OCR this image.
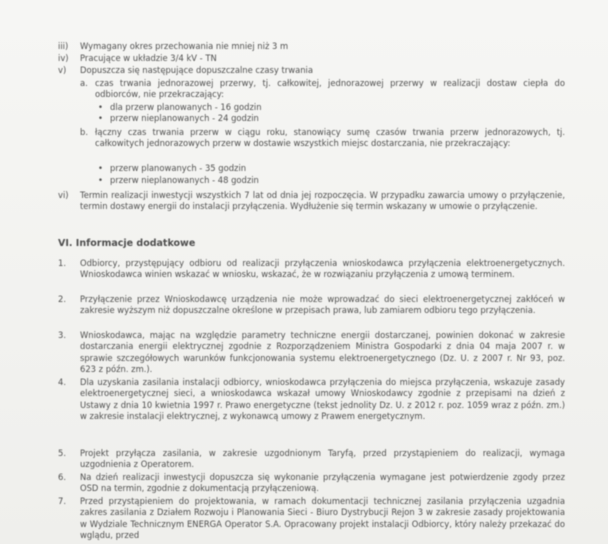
iii) Wymagany okres przechowania nie mniej niż 3 m
iv) Pracujące w układzie 3/4 kV - TN
v) Dopuszcza się następujące dopuszczalne czasy trwania
a. czas trwania jednorazowej przerwy, tj. całkowitej, jednorazowej przerwy w realizacji dostaw ciepła do odbiorców, nie przekraczający:
• dla przerw planowanych - 16 godzin
• przerw nieplanowanych - 24 godzin
b. łączny czas trwania przerw w ciągu roku, stanowiący sumę czasów trwania przerw jednorazowych, tj. całkowitych jednorazowych przerw w dostawie wszystkich miejsc dostarczania, nie przekraczający:
• przerw planowanych - 35 godzin
• przerw nieplanowanych - 48 godzin
vi) Termin realizacji inwestycji wszystkich 7 lat od dnia jej rozpoczęcia. W przypadku zawarcia umowy o przyłączenie, termin dostawy energii do instalacji przyłączenia. Wydłużenie się termin wskazany w umowie o przyłączenie.
VI. Informacje dodatkowe
1. Odbiorcy, przystępujący odbioru od realizacji przyłączenia wnioskodawca przyłączenia elektroenergetycznych. Wnioskodawca winien wskazać w wniosku, wskazać, że w rozwiązaniu przyłączenia z umową terminem.
2. Przyłączenie przez Wnioskodawcę urządzenia nie może wprowadzać do sieci elektroenergetycznej zakłóceń w zakresie wyższym niż dopuszczalne określone w przepisach prawa, lub zamiarem odbioru tego przyłączenia.
3. Wnioskodawca, mając na względzie parametry techniczne energii dostarczanej, powinien dokonać w zakresie dostarczania energii elektrycznej zgodnie z Rozporządzeniem Ministra Gospodarki z dnia 04 maja 2007 r. w sprawie szczegółowych warunków funkcjonowania systemu elektroenergetycznego (Dz. U. z 2007 r. Nr 93, poz. 623 z późn. zm.).
4. Dla uzyskania zasilania instalacji odbiorcy, wnioskodawca przyłączenia do miejsca przyłączenia, wskazuje zasady elektroenergetycznej sieci, a wnioskodawca wskazał umowy Wnioskodawcy zgodnie z przepisami na dzień z Ustawy z dnia 10 kwietnia 1997 r. Prawo energetyczne (tekst jednolity Dz. U. z 2012 r. poz. 1059 wraz z późn. zm.) w zakresie instalacji elektrycznej, z wykonawcą umowy z Prawem energetycznym.
5. Projekt przyłącza zasilania, w zakresie uzgodnionym Taryfą, przed przystąpieniem do realizacji, wymaga uzgodnienia z Operatorem.
6. Na dzień realizacji inwestycji dopuszcza się wykonanie przyłączenia wymagane jest potwierdzenie zgody przez OSD na termin, zgodnie z dokumentacją przyłączeniową.
7. Przed przystąpieniem do projektowania, w ramach dokumentacji technicznej zasilania przyłączenia uzgadnia zakres zasilania z Działem Rozwoju i Planowania Sieci - Biuro Dystrybucji Rejon 3 w zakresie zasady projektowania w Wydziale Technicznym ENERGA Operator S.A. Opracowany projekt instalacji Odbiorcy, który należy przekazać do wglądu, przed
